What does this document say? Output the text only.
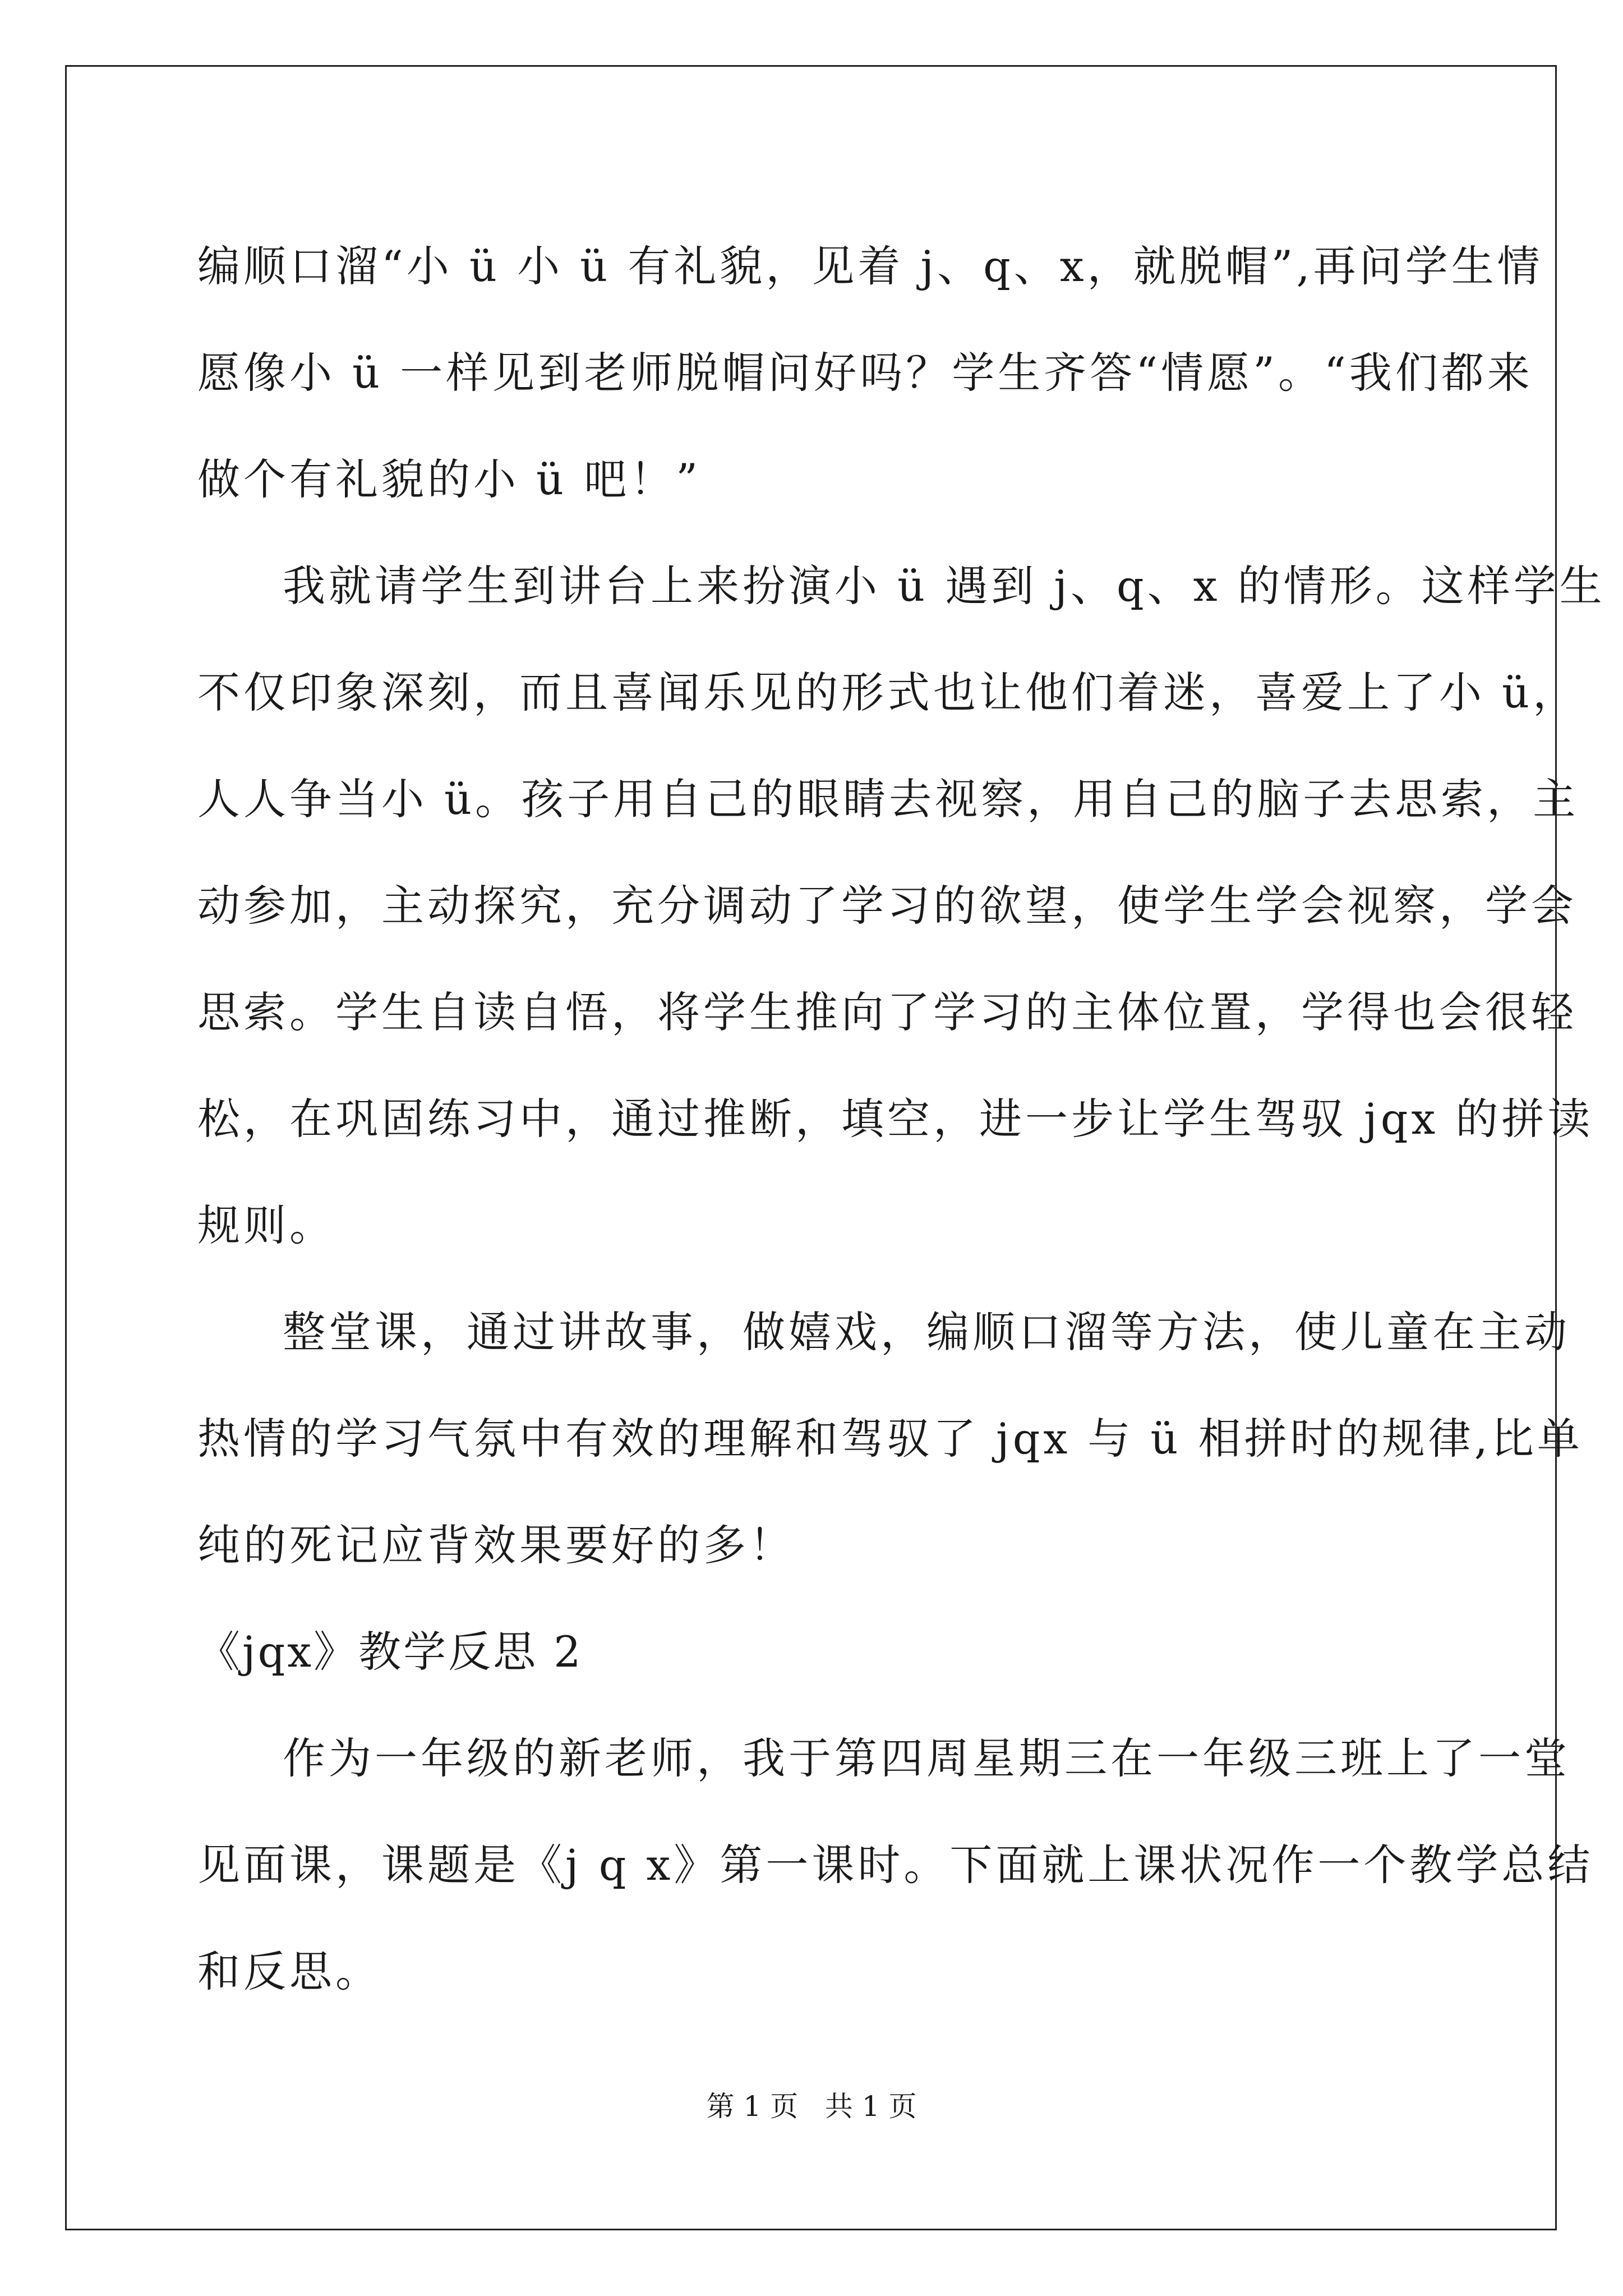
编顺口溜“小 ü 小 ü 有礼貌，见着 j、q、x，就脱帽”,再问学生情
愿像小 ü 一样见到老师脱帽问好吗？学生齐答“情愿”。“我们都来
做个有礼貌的小 ü 吧！”
我就请学生到讲台上来扮演小 ü 遇到 j、q、x 的情形。这样学生
不仅印象深刻，而且喜闻乐见的形式也让他们着迷，喜爱上了小 ü，
人人争当小 ü。孩子用自己的眼睛去视察，用自己的脑子去思索，主
动参加，主动探究，充分调动了学习的欲望，使学生学会视察，学会
思索。学生自读自悟，将学生推向了学习的主体位置，学得也会很轻
松，在巩固练习中，通过推断，填空，进一步让学生驾驭 jqx 的拼读
规则。
整堂课，通过讲故事，做嬉戏，编顺口溜等方法，使儿童在主动
热情的学习气氛中有效的理解和驾驭了 jqx 与 ü 相拼时的规律,比单
纯的死记应背效果要好的多！
《jqx》教学反思 2
作为一年级的新老师，我于第四周星期三在一年级三班上了一堂
见面课，课题是《j q x》第一课时。下面就上课状况作一个教学总结
和反思。
第 1 页   共 1 页
